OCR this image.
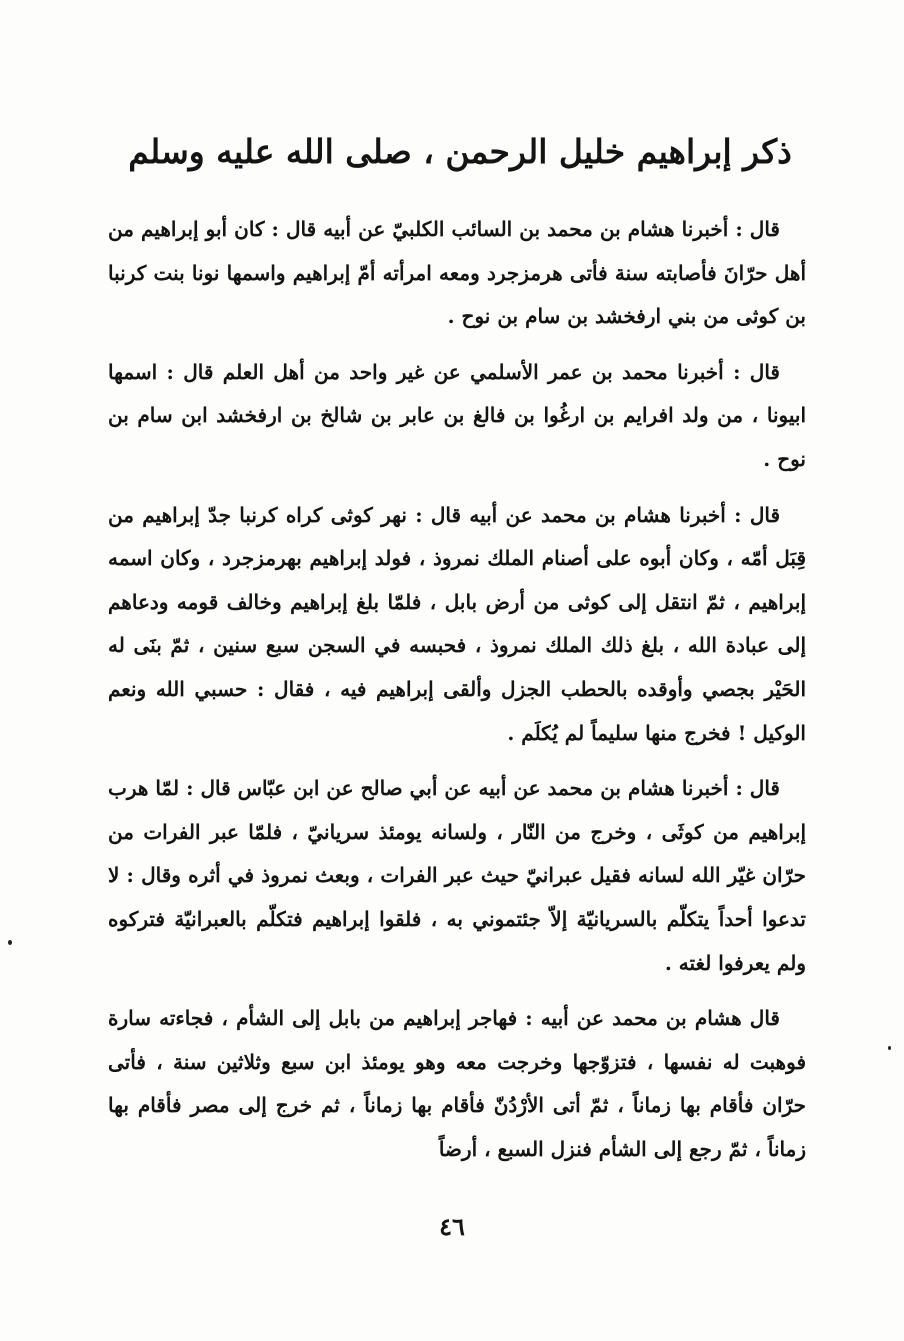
ذكر إبراهيم خليل الرحمن ، صلى الله عليه وسلم

قال : أخبرنا هشام بن محمد بن السائب الكلبيّ عن أبيه قال : كان أبو إبراهيم من أهل حرّانَ فأصابته سنة فأتى هرمزجرد ومعه امرأته أمّ إبراهيم واسمها نونا بنت كرنبا بن كوثى من بني ارفخشد بن سام بن نوح .

قال : أخبرنا محمد بن عمر الأسلمي عن غير واحد من أهل العلم قال : اسمها ابيونا ، من ولد افرايم بن ارغُوا بن فالغ بن عابر بن شالخ بن ارفخشد ابن سام بن نوح .

قال : أخبرنا هشام بن محمد عن أبيه قال : نهر كوثى كراه كرنبا جدّ إبراهيم من قِبَل أمّه ، وكان أبوه على أصنام الملك نمروذ ، فولد إبراهيم بهرمزجرد ، وكان اسمه إبراهيم ، ثمّ انتقل إلى كوثى من أرض بابل ، فلمّا بلغ إبراهيم وخالف قومه ودعاهم إلى عبادة الله ، بلغ ذلك الملك نمروذ ، فحبسه في السجن سبع سنين ، ثمّ بنَى له الحَيْر بجصي وأوقده بالحطب الجزل وألقى إبراهيم فيه ، فقال : حسبي الله ونعم الوكيل ! فخرج منها سليماً لم يُكلَم .

قال : أخبرنا هشام بن محمد عن أبيه عن أبي صالح عن ابن عبّاس قال : لمّا هرب إبراهيم من كوثَى ، وخرج من النّار ، ولسانه يومئذ سريانيّ ، فلمّا عبر الفرات من حرّان غيّر الله لسانه فقيل عبرانيّ حيث عبر الفرات ، وبعث نمروذ في أثره وقال : لا تدعوا أحداً يتكلّم بالسريانيّة إلاّ جئتموني به ، فلقوا إبراهيم فتكلّم بالعبرانيّة فتركوه ولم يعرفوا لغته .

قال هشام بن محمد عن أبيه : فهاجر إبراهيم من بابل إلى الشأم ، فجاءته سارة فوهبت له نفسها ، فتزوّجها وخرجت معه وهو يومئذ ابن سبع وثلاثين سنة ، فأتى حرّان فأقام بها زماناً ، ثمّ أتى الأرْدُنّ فأقام بها زماناً ، ثم خرج إلى مصر فأقام بها زماناً ، ثمّ رجع إلى الشأم فنزل السبع ، أرضاً

٤٦
